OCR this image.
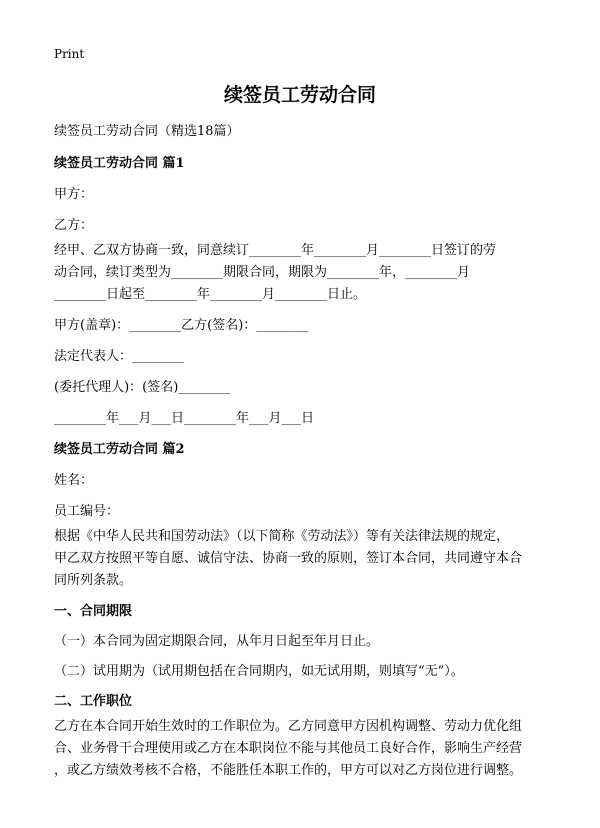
Print
续签员工劳动合同
续签员工劳动合同（精选18篇）
续签员工劳动合同 篇1
甲方：
乙方：
经甲、乙双方协商一致，同意续订________年________月________日签订的劳
动合同，续订类型为________期限合同，期限为________年，________月
________日起至________年________月________日止。
甲方(盖章)：________乙方(签名)：________
法定代表人：________
(委托代理人)：(签名)________
________年___月___日________年___月___日
续签员工劳动合同 篇2
姓名：
员工编号：
根据《中华人民共和国劳动法》（以下简称《劳动法》）等有关法律法规的规定，
甲乙双方按照平等自愿、诚信守法、协商一致的原则，签订本合同，共同遵守本合
同所列条款。
一、合同期限
（一）本合同为固定期限合同，从年月日起至年月日止。
（二）试用期为（试用期包括在合同期内，如无试用期，则填写“无”）。
二、工作职位
乙方在本合同开始生效时的工作职位为。乙方同意甲方因机构调整、劳动力优化组
合、业务骨干合理使用或乙方在本职岗位不能与其他员工良好合作，影响生产经营
，或乙方绩效考核不合格，不能胜任本职工作的，甲方可以对乙方岗位进行调整。
